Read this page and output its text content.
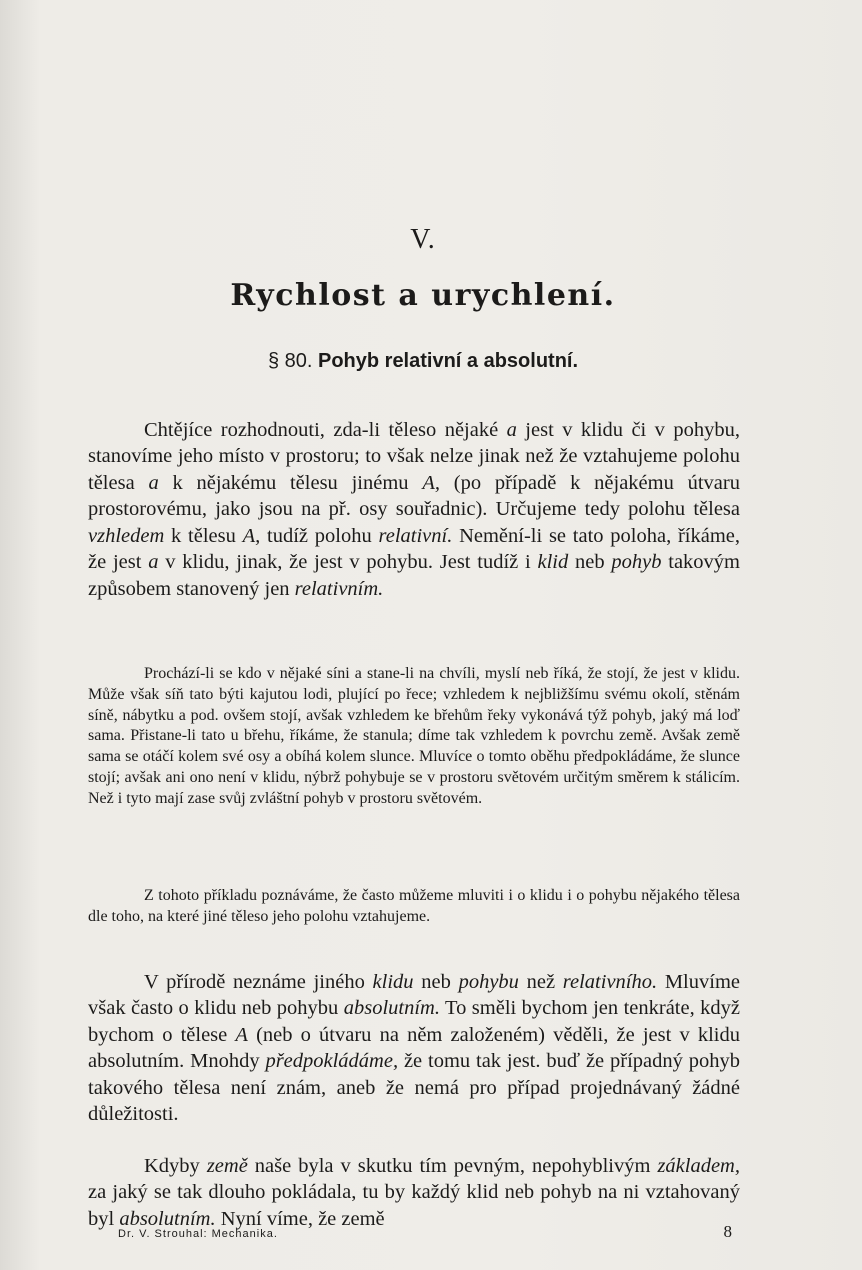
V.
Rychlost a urychlení.
§ 80. Pohyb relativní a absolutní.

Chtějíce rozhodnouti, zda-li těleso nějaké a jest v klidu či v pohybu, stanovíme jeho místo v prostoru; to však nelze jinak než že vztahujeme polohu tělesa a k nějakému tělesu jinému A, (po případě k nějakému útvaru prostorovému, jako jsou na př. osy souřadnic). Určujeme tedy polohu tělesa vzhledem k tělesu A, tudíž polohu relativní. Nemění-li se tato poloha, říkáme, že jest a v klidu, jinak, že jest v pohybu. Jest tudíž i klid neb pohyb takovým způsobem stanovený jen relativním.

Prochází-li se kdo v nějaké síni a stane-li na chvíli, myslí neb říká, že stojí, že jest v klidu. Může však síň tato býti kajutou lodi, plující po řece; vzhledem k nejbližšímu svému okolí, stěnám síně, nábytku a pod. ovšem stojí, avšak vzhledem ke břehům řeky vykonává týž pohyb, jaký má loď sama. Přistane-li tato u břehu, říkáme, že stanula; díme tak vzhledem k povrchu země. Avšak země sama se otáčí kolem své osy a obíhá kolem slunce. Mluvíce o tomto oběhu předpokládáme, že slunce stojí; avšak ani ono není v klidu, nýbrž pohybuje se v prostoru světovém určitým směrem k stálicím. Než i tyto mají zase svůj zvláštní pohyb v prostoru světovém.

Z tohoto příkladu poznáváme, že často můžeme mluviti i o klidu i o pohybu nějakého tělesa dle toho, na které jiné těleso jeho polohu vztahujeme.

V přírodě neznáme jiného klidu neb pohybu než relativního. Mluvíme však často o klidu neb pohybu absolutním. To směli bychom jen tenkráte, když bychom o tělese A (neb o útvaru na něm založeném) věděli, že jest v klidu absolutním. Mnohdy předpokládáme, že tomu tak jest. buď že případný pohyb takového tělesa není znám, aneb že nemá pro případ projednávaný žádné důležitosti.

Kdyby země naše byla v skutku tím pevným, nepohyblivým základem, za jaký se tak dlouho pokládala, tu by každý klid neb pohyb na ni vztahovaný byl absolutním. Nyní víme, že země

Dr. V. Strouhal: Mechanika.	8
